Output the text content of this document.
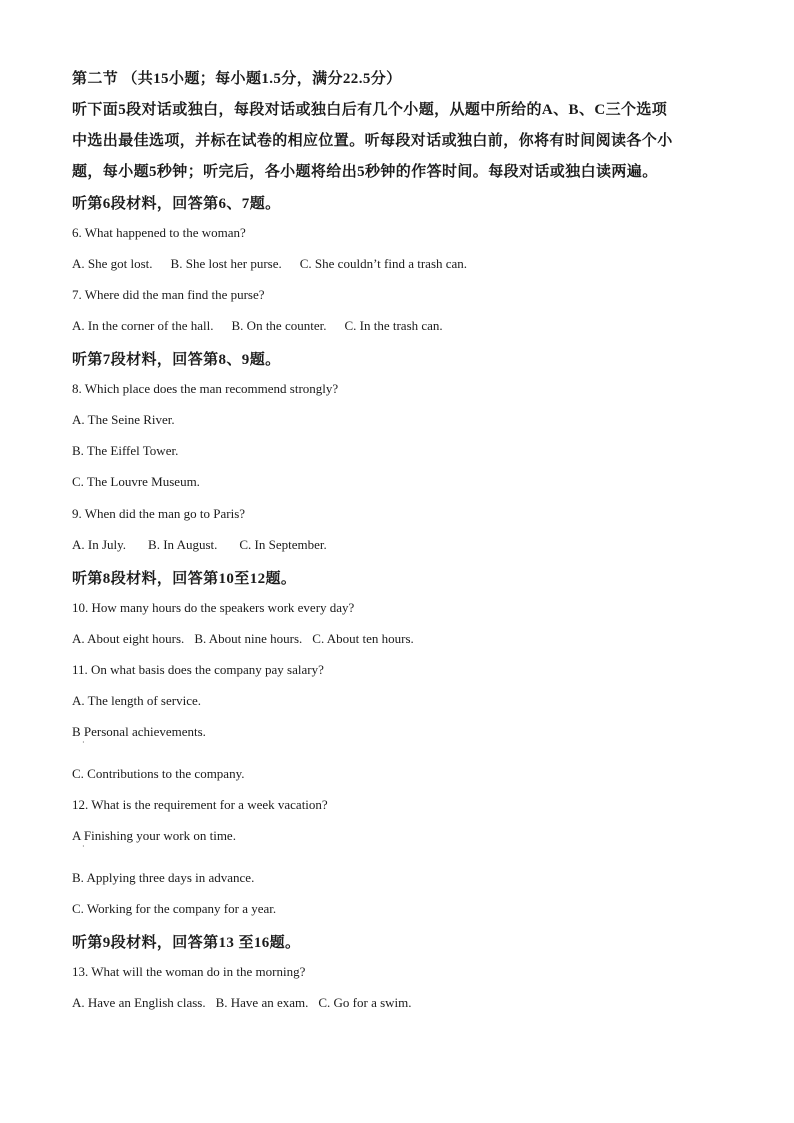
第二节 （共15小题；每小题1.5分，满分22.5分）
听下面5段对话或独白，每段对话或独白后有几个小题，从题中所给的A、B、C三个选项
中选出最佳选项，并标在试卷的相应位置。听每段对话或独白前，你将有时间阅读各个小
题，每小题5秒钟；听完后，各小题将给出5秒钟的作答时间。每段对话或独白读两遍。
听第6段材料，回答第6、7题。
6. What happened to the woman?
A. She got lost. B. She lost her purse. C. She couldn’t find a trash can.
7. Where did the man find the purse?
A. In the corner of the hall. B. On the counter. C. In the trash can.
听第7段材料，回答第8、9题。
8. Which place does the man recommend strongly?
A. The Seine River.
B. The Eiffel Tower.
C. The Louvre Museum.
9. When did the man go to Paris?
A. In July. B. In August. C. In September.
听第8段材料，回答第10至12题。
10. How many hours do the speakers work every day?
A. About eight hours. B. About nine hours. C. About ten hours.
11. On what basis does the company pay salary?
A. The length of service.
B Personal achievements.
·
C. Contributions to the company.
12. What is the requirement for a week vacation?
A Finishing your work on time.
·
B. Applying three days in advance.
C. Working for the company for a year.
听第9段材料，回答第13 至16题。
13. What will the woman do in the morning?
A. Have an English class. B. Have an exam. C. Go for a swim.
